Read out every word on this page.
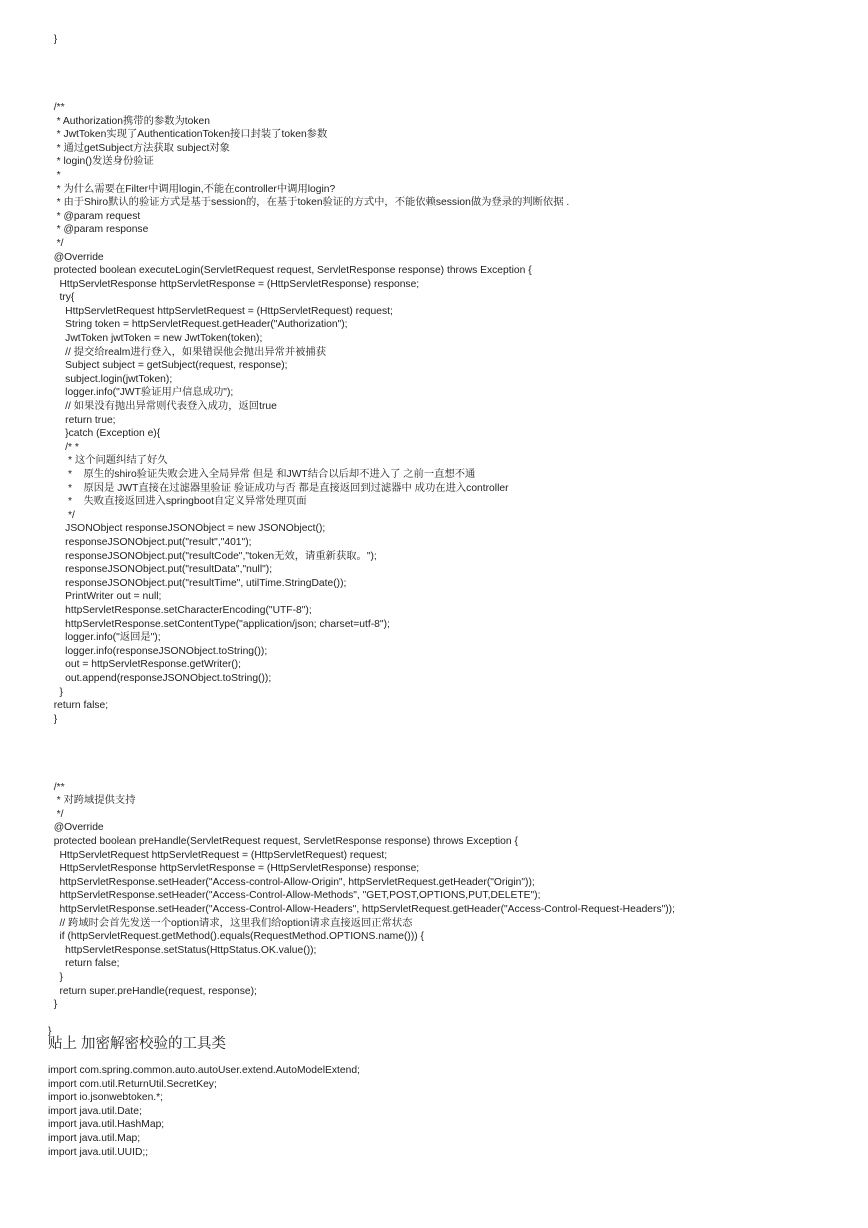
}
/**
* Authorization携带的参数为token
* JwtToken实现了AuthenticationToken接口封装了token参数
* 通过getSubject方法获取 subject对象
* login()发送身份验证
*
* 为什么需要在Filter中调用login,不能在controller中调用login?
* 由于Shiro默认的验证方式是基于session的，在基于token验证的方式中，不能依赖session做为登录的判断依据 .
* @param request
* @param response
*/
@Override
protected boolean executeLogin(ServletRequest request, ServletResponse response) throws Exception {
HttpServletResponse httpServletResponse = (HttpServletResponse) response;
try{
HttpServletRequest httpServletRequest = (HttpServletRequest) request;
String token = httpServletRequest.getHeader("Authorization");
JwtToken jwtToken = new JwtToken(token);
// 提交给realm进行登入，如果错误他会抛出异常并被捕获
Subject subject = getSubject(request, response);
subject.login(jwtToken);
logger.info("JWT验证用户信息成功");
// 如果没有抛出异常则代表登入成功，返回true
return true;
}catch (Exception e){
/* *
* 这个问题纠结了好久
*    原生的shiro验证失败会进入全局异常 但是 和JWT结合以后却不进入了 之前一直想不通
*    原因是 JWT直接在过滤器里验证 验证成功与否 都是直接返回到过滤器中 成功在进入controller
*    失败直接返回进入springboot自定义异常处理页面
*/
JSONObject responseJSONObject = new JSONObject();
responseJSONObject.put("result","401");
responseJSONObject.put("resultCode","token无效，请重新获取。");
responseJSONObject.put("resultData","null");
responseJSONObject.put("resultTime", utilTime.StringDate());
PrintWriter out = null;
httpServletResponse.setCharacterEncoding("UTF-8");
httpServletResponse.setContentType("application/json; charset=utf-8");
logger.info("返回是");
logger.info(responseJSONObject.toString());
out = httpServletResponse.getWriter();
out.append(responseJSONObject.toString());
}
return false;
}
/**
* 对跨域提供支持
*/
@Override
protected boolean preHandle(ServletRequest request, ServletResponse response) throws Exception {
HttpServletRequest httpServletRequest = (HttpServletRequest) request;
HttpServletResponse httpServletResponse = (HttpServletResponse) response;
httpServletResponse.setHeader("Access-control-Allow-Origin", httpServletRequest.getHeader("Origin"));
httpServletResponse.setHeader("Access-Control-Allow-Methods", "GET,POST,OPTIONS,PUT,DELETE");
httpServletResponse.setHeader("Access-Control-Allow-Headers", httpServletRequest.getHeader("Access-Control-Request-Headers"));
// 跨域时会首先发送一个option请求，这里我们给option请求直接返回正常状态
if (httpServletRequest.getMethod().equals(RequestMethod.OPTIONS.name())) {
httpServletResponse.setStatus(HttpStatus.OK.value());
return false;
}
return super.preHandle(request, response);
}
}
贴上 加密解密校验的工具类
import com.spring.common.auto.autoUser.extend.AutoModelExtend;
import com.util.ReturnUtil.SecretKey;
import io.jsonwebtoken.*;
import java.util.Date;
import java.util.HashMap;
import java.util.Map;
import java.util.UUID;;
